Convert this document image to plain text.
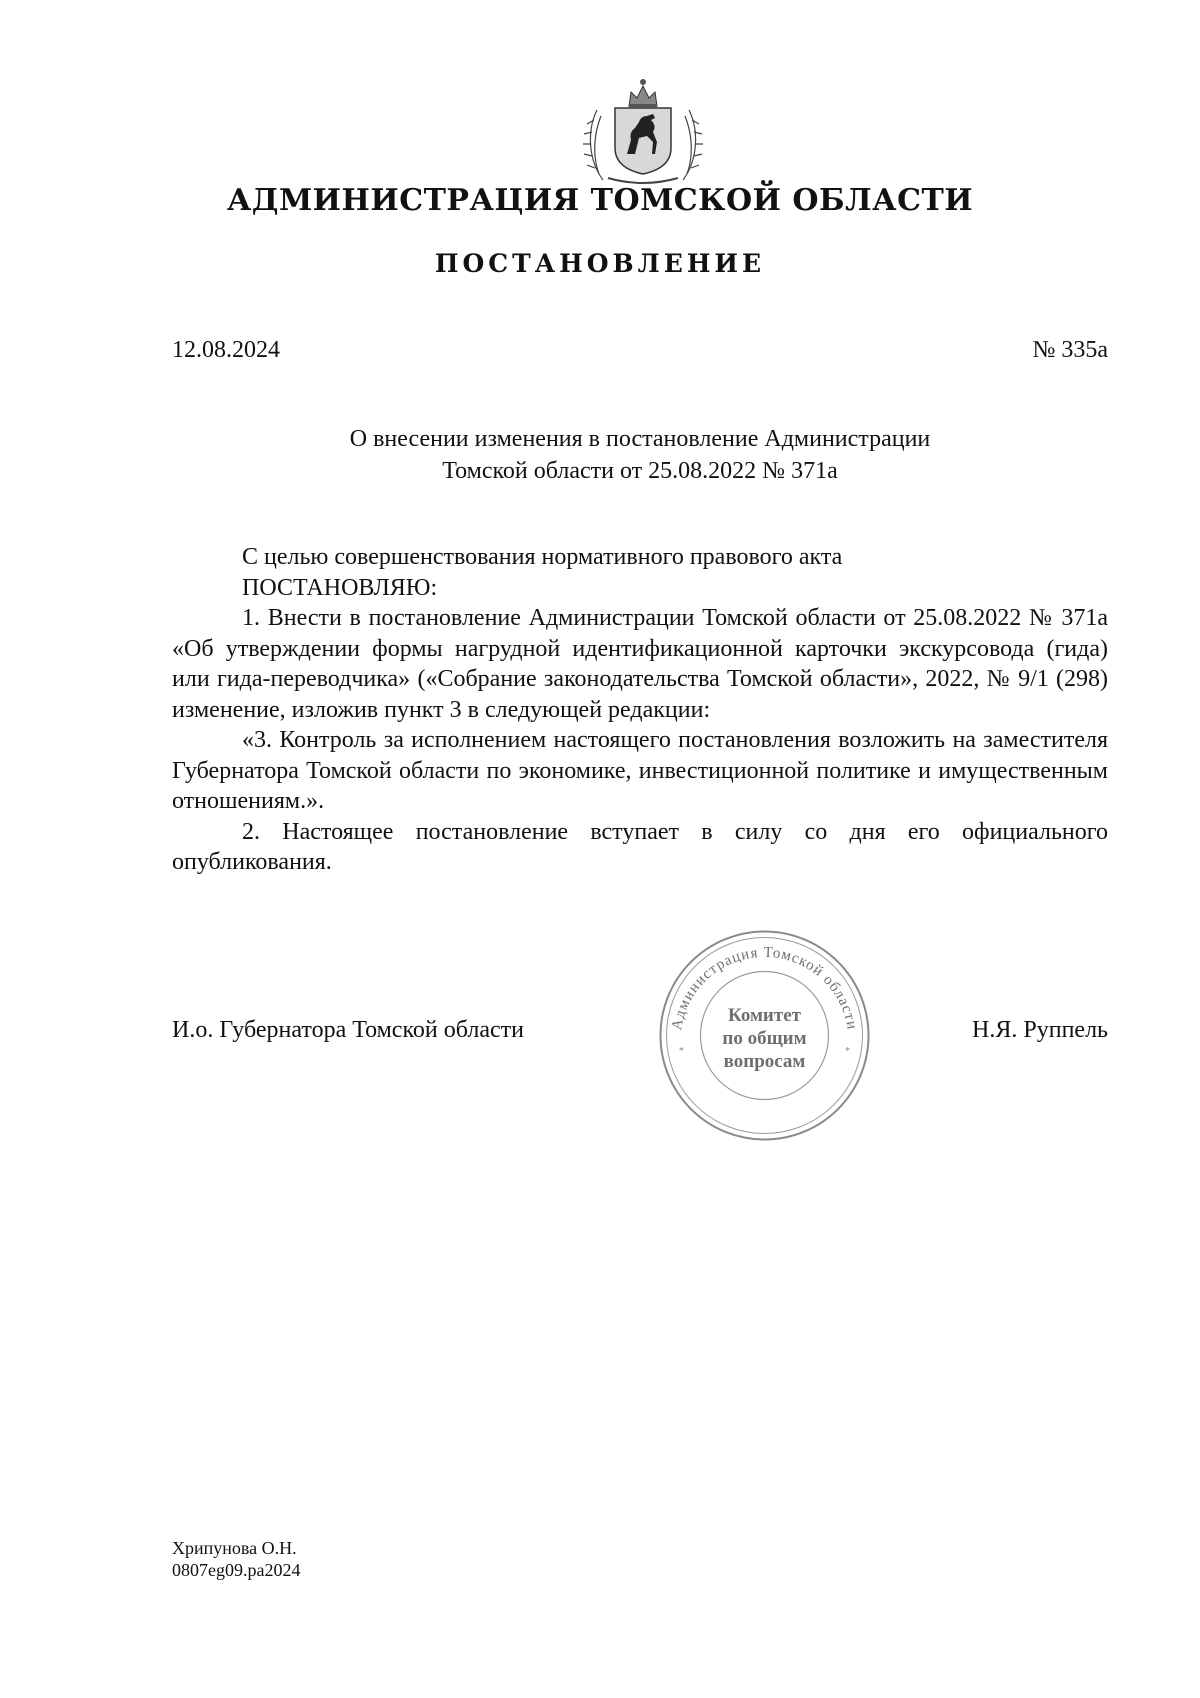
АДМИНИСТРАЦИЯ ТОМСКОЙ ОБЛАСТИ
ПОСТАНОВЛЕНИЕ
12.08.2024	№ 335а
О внесении изменения в постановление Администрации
Томской области от 25.08.2022 № 371а

С целью совершенствования нормативного правового акта

ПОСТАНОВЛЯЮ:

1. Внести в постановление Администрации Томской области от 25.08.2022 № 371а «Об утверждении формы нагрудной идентификационной карточки экскурсовода (гида) или гида-переводчика» («Собрание законодательства Томской области», 2022, № 9/1 (298) изменение, изложив пункт 3 в следующей редакции:

«3. Контроль за исполнением настоящего постановления возложить на заместителя Губернатора Томской области по экономике, инвестиционной политике и имущественным отношениям.».

2. Настоящее постановление вступает в силу со дня его официального опубликования.

И.о. Губернатора Томской области	Администрация Томской области
*	*
Комитет
по общим
вопросам
Н.Я. Руппель
Хрипунова О.Н.
0807eg09.pa2024
